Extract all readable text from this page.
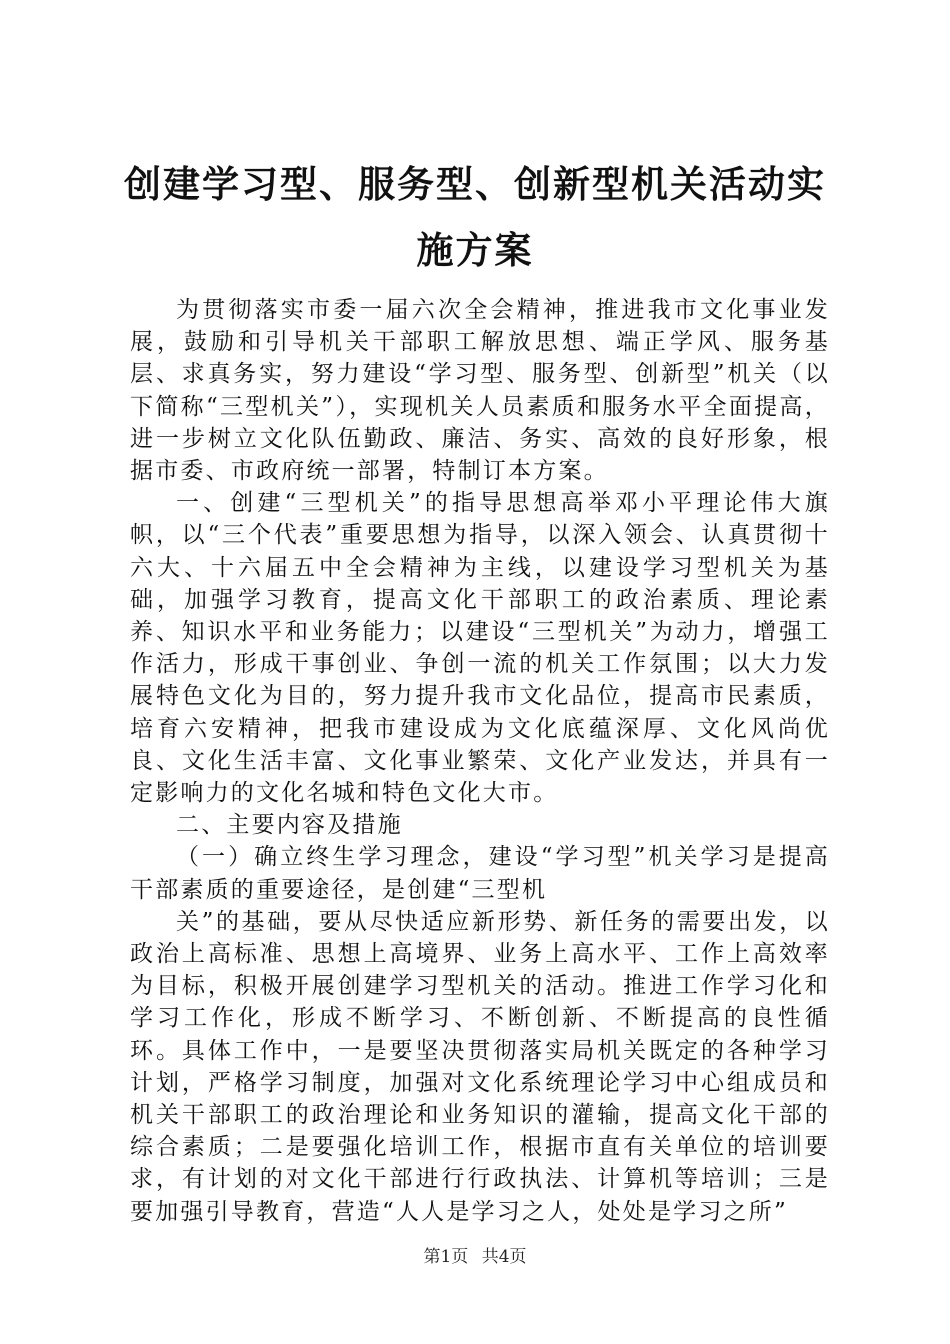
创建学习型、服务型、创新型机关活动实施方案

为贯彻落实市委一届六次全会精神，推进我市文化事业发展，鼓励和引导机关干部职工解放思想、端正学风、服务基层、求真务实，努力建设“学习型、服务型、创新型”机关（以下简称“三型机关”），实现机关人员素质和服务水平全面提高，进一步树立文化队伍勤政、廉洁、务实、高效的良好形象，根据市委、市政府统一部署，特制订本方案。

一、创建“三型机关”的指导思想高举邓小平理论伟大旗帜，以“三个代表”重要思想为指导，以深入领会、认真贯彻十六大、十六届五中全会精神为主线，以建设学习型机关为基础，加强学习教育，提高文化干部职工的政治素质、理论素养、知识水平和业务能力；以建设“三型机关”为动力，增强工作活力，形成干事创业、争创一流的机关工作氛围；以大力发展特色文化为目的，努力提升我市文化品位，提高市民素质，培育六安精神，把我市建设成为文化底蕴深厚、文化风尚优良、文化生活丰富、文化事业繁荣、文化产业发达，并具有一定影响力的文化名城和特色文化大市。

二、主要内容及措施

（一）确立终生学习理念，建设“学习型”机关学习是提高干部素质的重要途径，是创建“三型机

关”的基础，要从尽快适应新形势、新任务的需要出发，以政治上高标准、思想上高境界、业务上高水平、工作上高效率为目标，积极开展创建学习型机关的活动。推进工作学习化和学习工作化，形成不断学习、不断创新、不断提高的良性循环。具体工作中，一是要坚决贯彻落实局机关既定的各种学习计划，严格学习制度，加强对文化系统理论学习中心组成员和机关干部职工的政治理论和业务知识的灌输，提高文化干部的综合素质；二是要强化培训工作，根据市直有关单位的培训要求，有计划的对文化干部进行行政执法、计算机等培训；三是要加强引导教育，营造“人人是学习之人，处处是学习之所”

第1页 共4页
